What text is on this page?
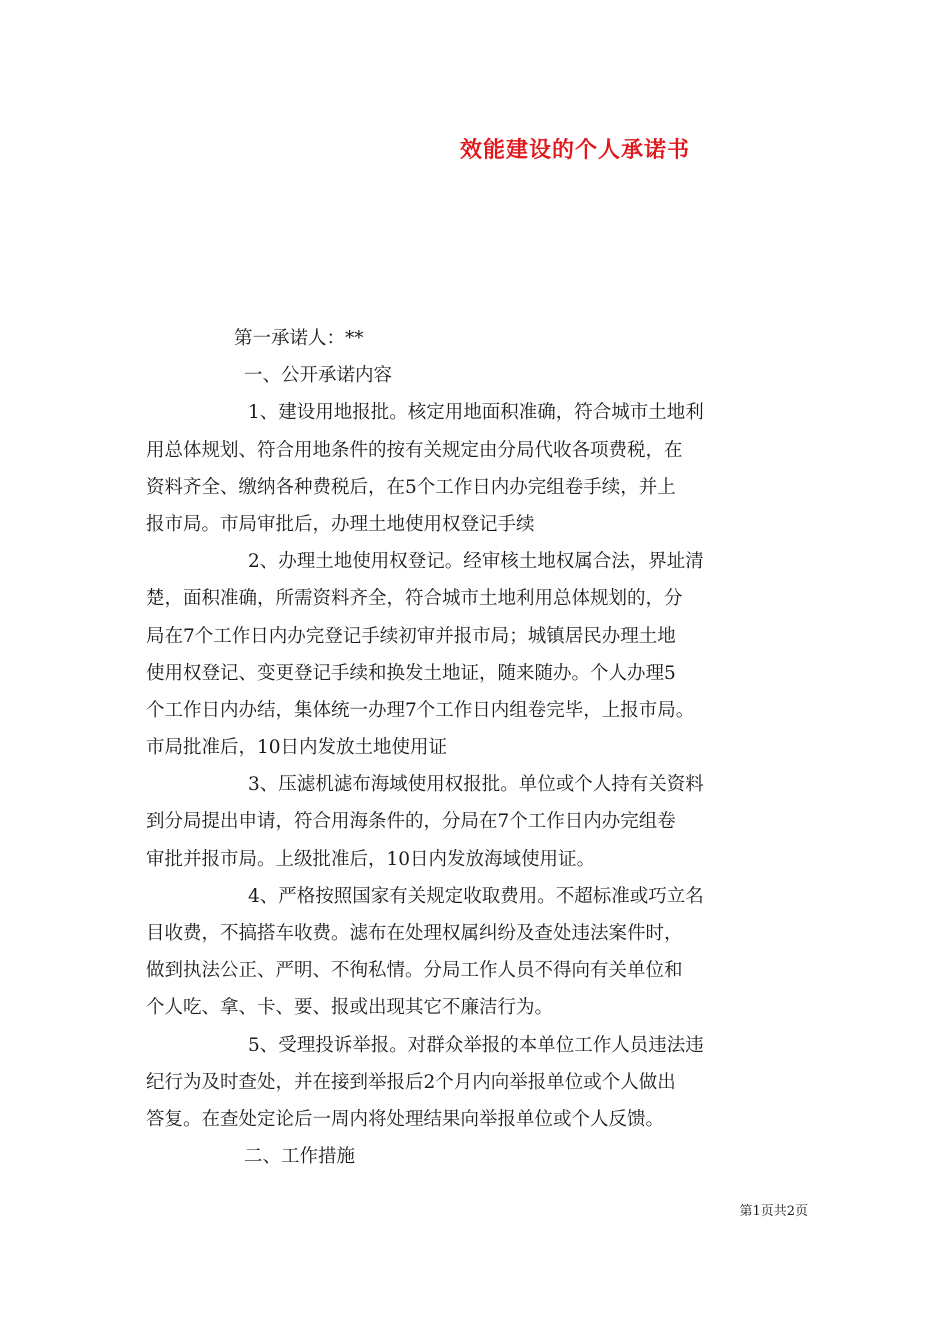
效能建设的个人承诺书
第一承诺人：**
一、公开承诺内容
1、建设用地报批。核定用地面积准确，符合城市土地利
用总体规划、符合用地条件的按有关规定由分局代收各项费税，在
资料齐全、缴纳各种费税后，在5个工作日内办完组卷手续，并上
报市局。市局审批后，办理土地使用权登记手续
2、办理土地使用权登记。经审核土地权属合法，界址清
楚，面积准确，所需资料齐全，符合城市土地利用总体规划的，分
局在7个工作日内办完登记手续初审并报市局；城镇居民办理土地
使用权登记、变更登记手续和换发土地证，随来随办。个人办理5
个工作日内办结，集体统一办理7个工作日内组卷完毕，上报市局。
市局批准后，10日内发放土地使用证
3、压滤机滤布海域使用权报批。单位或个人持有关资料
到分局提出申请，符合用海条件的，分局在7个工作日内办完组卷
审批并报市局。上级批准后，10日内发放海域使用证。
4、严格按照国家有关规定收取费用。不超标准或巧立名
目收费，不搞搭车收费。滤布在处理权属纠纷及查处违法案件时，
做到执法公正、严明、不徇私情。分局工作人员不得向有关单位和
个人吃、拿、卡、要、报或出现其它不廉洁行为。
5、受理投诉举报。对群众举报的本单位工作人员违法违
纪行为及时查处，并在接到举报后2个月内向举报单位或个人做出
答复。在查处定论后一周内将处理结果向举报单位或个人反馈。
二、工作措施
第1页共2页
